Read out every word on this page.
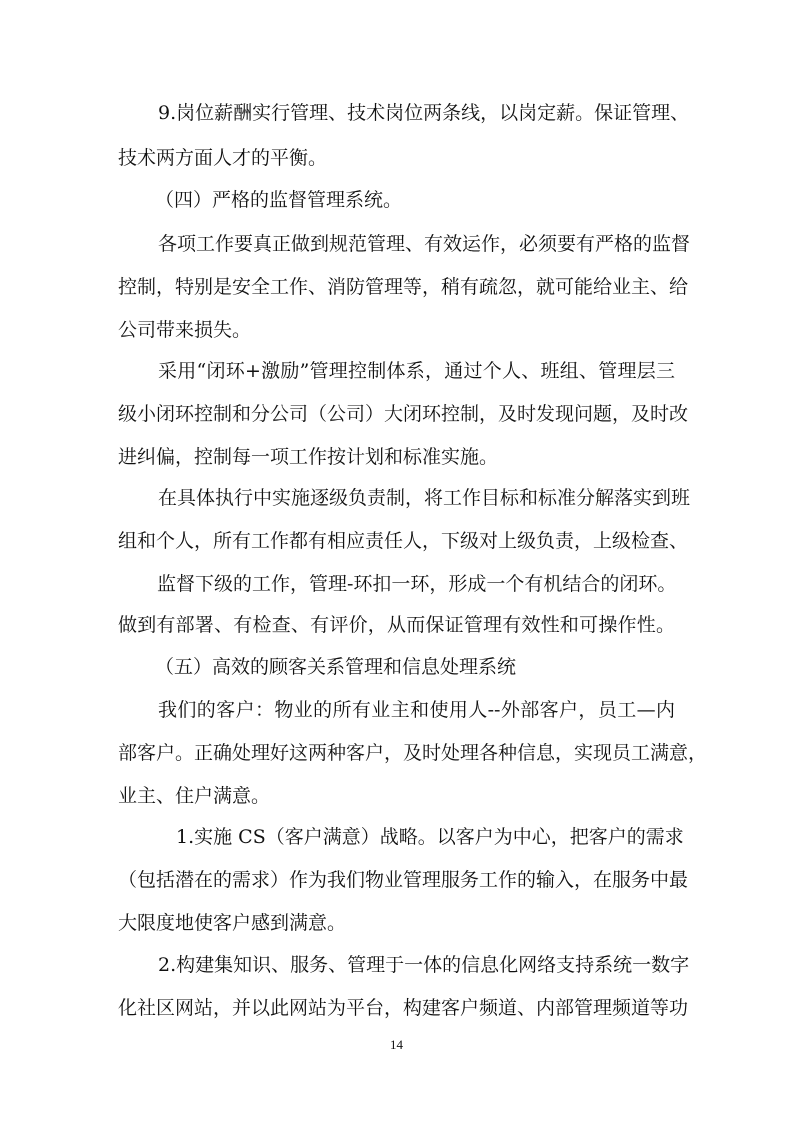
9.岗位薪酬实行管理、技术岗位两条线，以岗定薪。保证管理、
技术两方面人才的平衡。
（四）严格的监督管理系统。
各项工作要真正做到规范管理、有效运作，必须要有严格的监督
控制，特别是安全工作、消防管理等，稍有疏忽，就可能给业主、给
公司带来损失。
采用“闭环+激励”管理控制体系，通过个人、班组、管理层三
级小闭环控制和分公司（公司）大闭环控制，及时发现问题，及时改
进纠偏，控制每一项工作按计划和标准实施。
在具体执行中实施逐级负责制，将工作目标和标准分解落实到班
组和个人，所有工作都有相应责任人，下级对上级负责，上级检查、
监督下级的工作，管理-环扣一环，形成一个有机结合的闭环。
做到有部署、有检查、有评价，从而保证管理有效性和可操作性。
（五）高效的顾客关系管理和信息处理系统
我们的客户：物业的所有业主和使用人--外部客户，员工—内
部客户。正确处理好这两种客户，及时处理各种信息，实现员工满意，
业主、住户满意。
1.实施 CS（客户满意）战略。以客户为中心，把客户的需求
（包括潜在的需求）作为我们物业管理服务工作的输入，在服务中最
大限度地使客户感到满意。
2.构建集知识、服务、管理于一体的信息化网络支持系统一数字
化社区网站，并以此网站为平台，构建客户频道、内部管理频道等功
14
